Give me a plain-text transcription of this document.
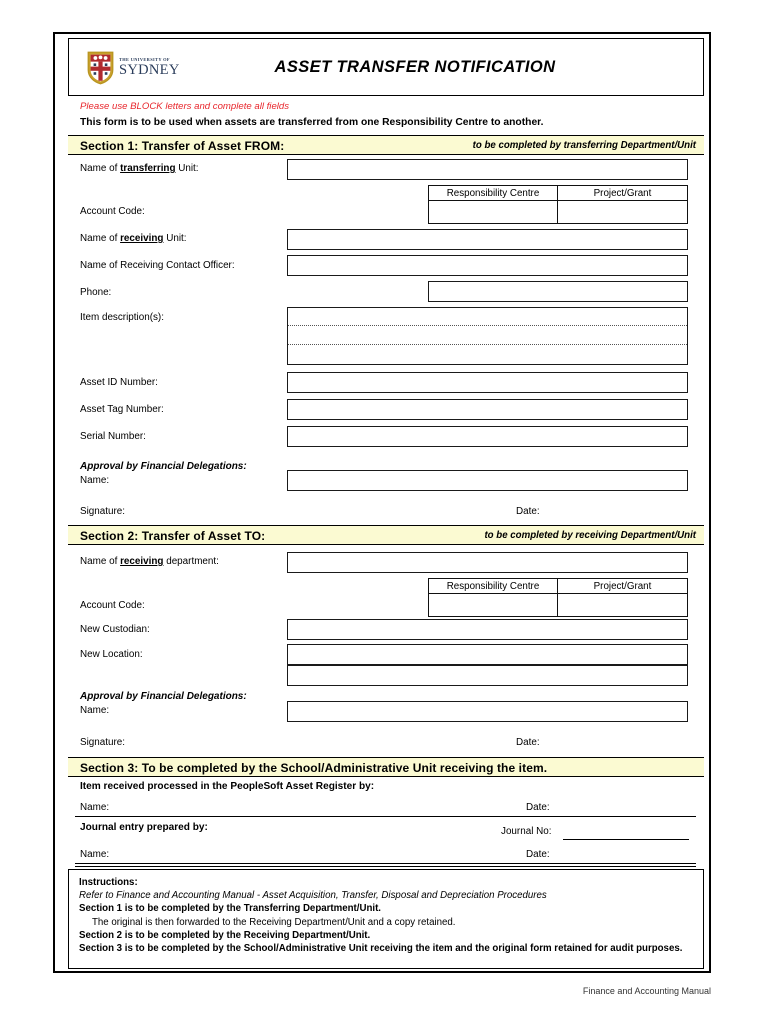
THE UNIVERSITY OF
SYDNEY	ASSET TRANSFER NOTIFICATION
Please use BLOCK letters and complete all fields
This form is to be used when assets are transferred from one Responsibility Centre to another.
Section 1: Transfer of Asset FROM:	to be completed by transferring Department/Unit
Name of transferring Unit:
Responsibility Centre	Project/Grant
Account Code:
Name of receiving Unit:
Name of Receiving Contact Officer:
Phone:
Item description(s):
Asset ID Number:
Asset Tag Number:
Serial Number:
Approval by Financial Delegations:
Name:
Signature:	Date:
Section 2: Transfer of Asset TO:	to be completed by receiving Department/Unit
Name of receiving department:
Responsibility Centre	Project/Grant
Account Code:
New Custodian:
New Location:
Approval by Financial Delegations:
Name:
Signature:	Date:
Section 3: To be completed by the School/Administrative Unit receiving the item.
Item received processed in the PeopleSoft Asset Register by:
Name:	Date:
Journal entry prepared by:	Journal No:
Name:	Date:
Instructions:
Refer to Finance and Accounting Manual - Asset Acquisition, Transfer, Disposal and Depreciation Procedures
Section 1 is to be completed by the Transferring Department/Unit.
The original is then forwarded to the Receiving Department/Unit and a copy retained.
Section 2 is to be completed by the Receiving Department/Unit.
Section 3 is to be completed by the School/Administrative Unit receiving the item and the original form retained for audit purposes.
Finance and Accounting Manual
